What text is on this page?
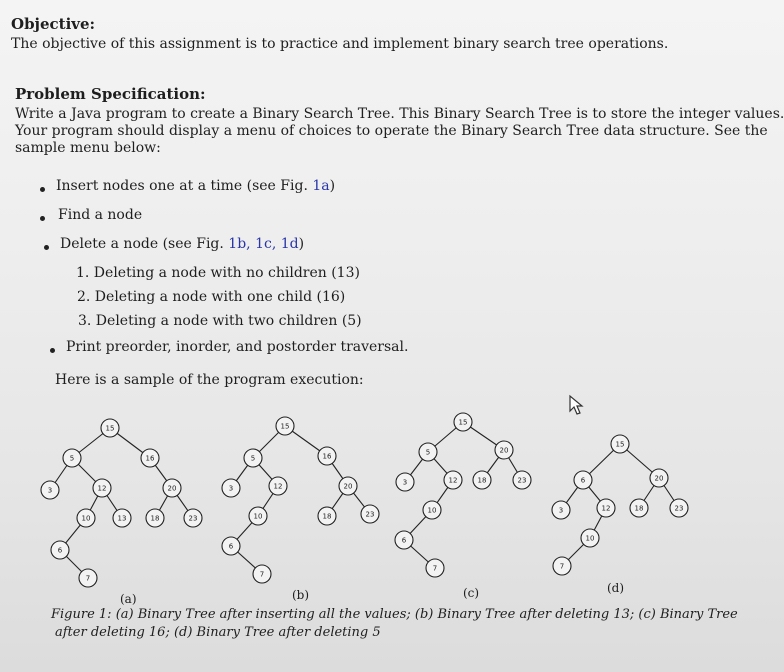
Objective:
The objective of this assignment is to practice and implement binary search tree operations.
Problem Specification:
Write a Java program to create a Binary Search Tree. This Binary Search Tree is to store the integer values.
Your program should display a menu of choices to operate the Binary Search Tree data structure. See the
sample menu below:
Insert nodes one at a time (see Fig. 1a)
Find a node
Delete a node (see Fig. 1b, 1c, 1d)
1. Deleting a node with no children (13)
2. Deleting a node with one child (16)
3. Deleting a node with two children (5)
Print preorder, inorder, and postorder traversal.
Here is a sample of the program execution:
15
5	16
3	12	20
10	13	18	23
6
7
15
5	16
3	12	20
10	18	23
6
7
15
5	20
3	12	18	23
10
6
7
15
6	20
3	12	18	23
10
7
(a)	(b)	(c)	(d)
Figure 1: (a) Binary Tree after inserting all the values; (b) Binary Tree after deleting 13; (c) Binary Tree
after deleting 16; (d) Binary Tree after deleting 5
